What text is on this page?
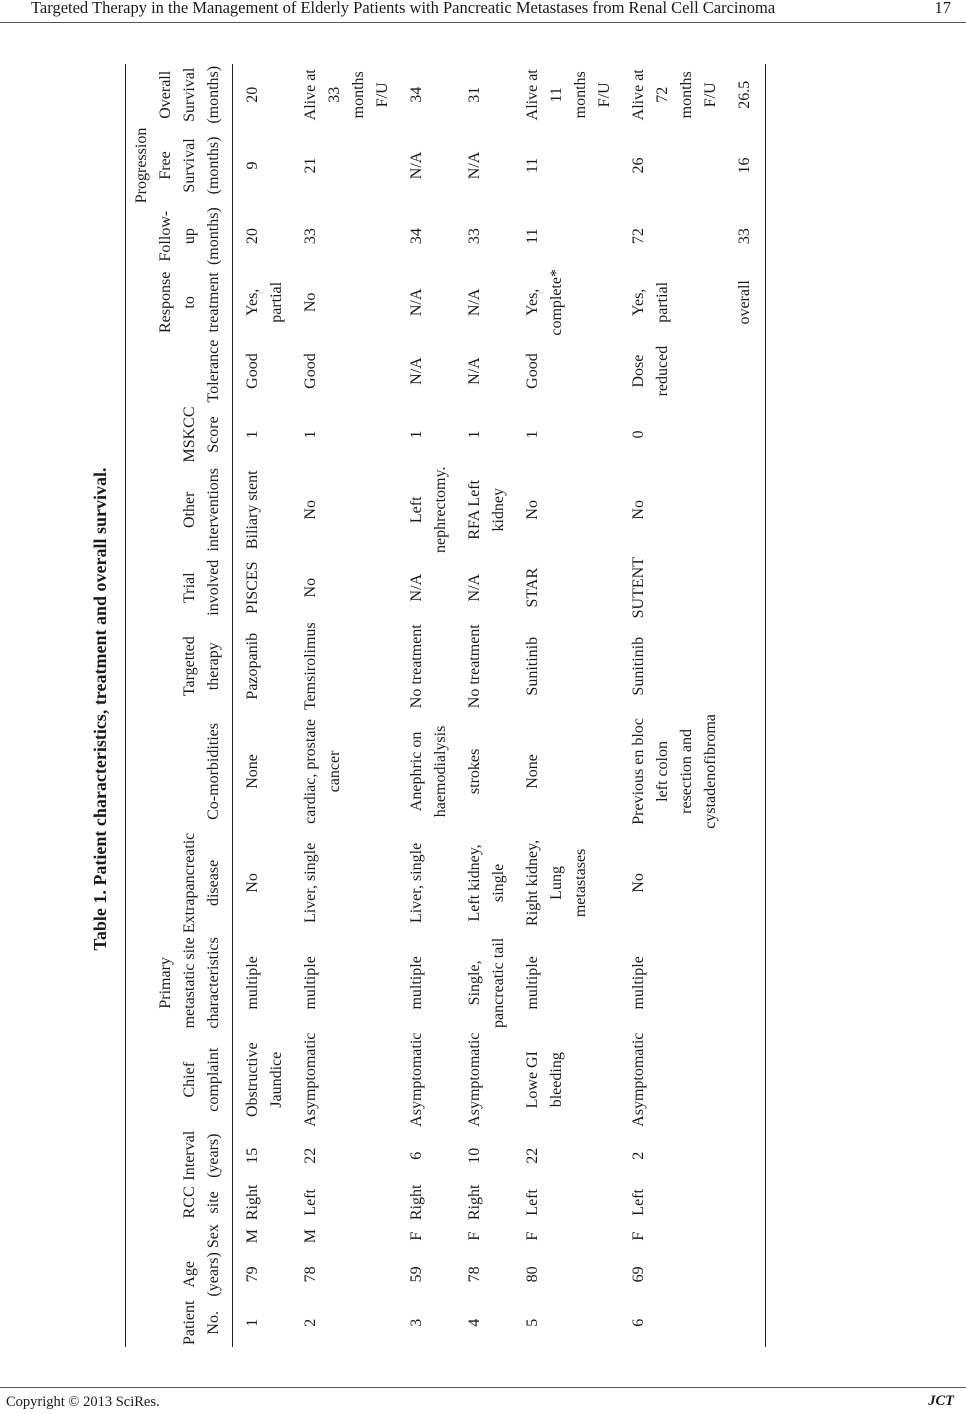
Targeted Therapy in the Management of Elderly Patients with Pancreatic Metastases from Renal Cell Carcinoma	17
Table 1. Patient characteristics, treatment and overall survival.
Patient No.	Age (years)	Sex	RCC site	Interval (years)	Chief complaint	Primary metastatic site characteristics	Extrapancreatic disease	Co-morbidities	Targetted therapy	Trial involved	Other interventions	MSKCC Score	Tolerance	Response to treatment	Follow-up (months)	Progression Free Survival (months)	Overall Survival (months)
1	79	M	Right	15	Obstructive Jaundice	multiple	No	None	Pazopanib	PISCES	Biliary stent	1	Good	Yes, partial	20	9	20
2	78	M	Left	22	Asymptomatic	multiple	Liver, single	cardiac, prostate cancer	Temsirolimus	No	No	1	Good	No	33	21	Alive at 33 months F/U
3	59	F	Right	6	Asymptomatic	multiple	Liver, single	Anephric on haemodialysis	No treatment	N/A	Left nephrectomy.	1	N/A	N/A	34	N/A	34
4	78	F	Right	10	Asymptomatic	Single, pancreatic tail	Left kidney, single	strokes	No treatment	N/A	RFA Left kidney	1	N/A	N/A	33	N/A	31
5	80	F	Left	22	Lowe GI bleeding	multiple	Right kidney, Lung metastases	None	Sunitinib	STAR	No	1	Good	Yes, complete*	11	11	Alive at 11 months F/U
6	69	F	Left	2	Asymptomatic	multiple	No	Previous en bloc left colon resection and cystadenofibroma	Sunitinib	SUTENT	No	0	Dose reduced	Yes, partial	72	26	Alive at 72 months F/U
														overall	33	16	26.5
Copyright © 2013 SciRes.	JCT
